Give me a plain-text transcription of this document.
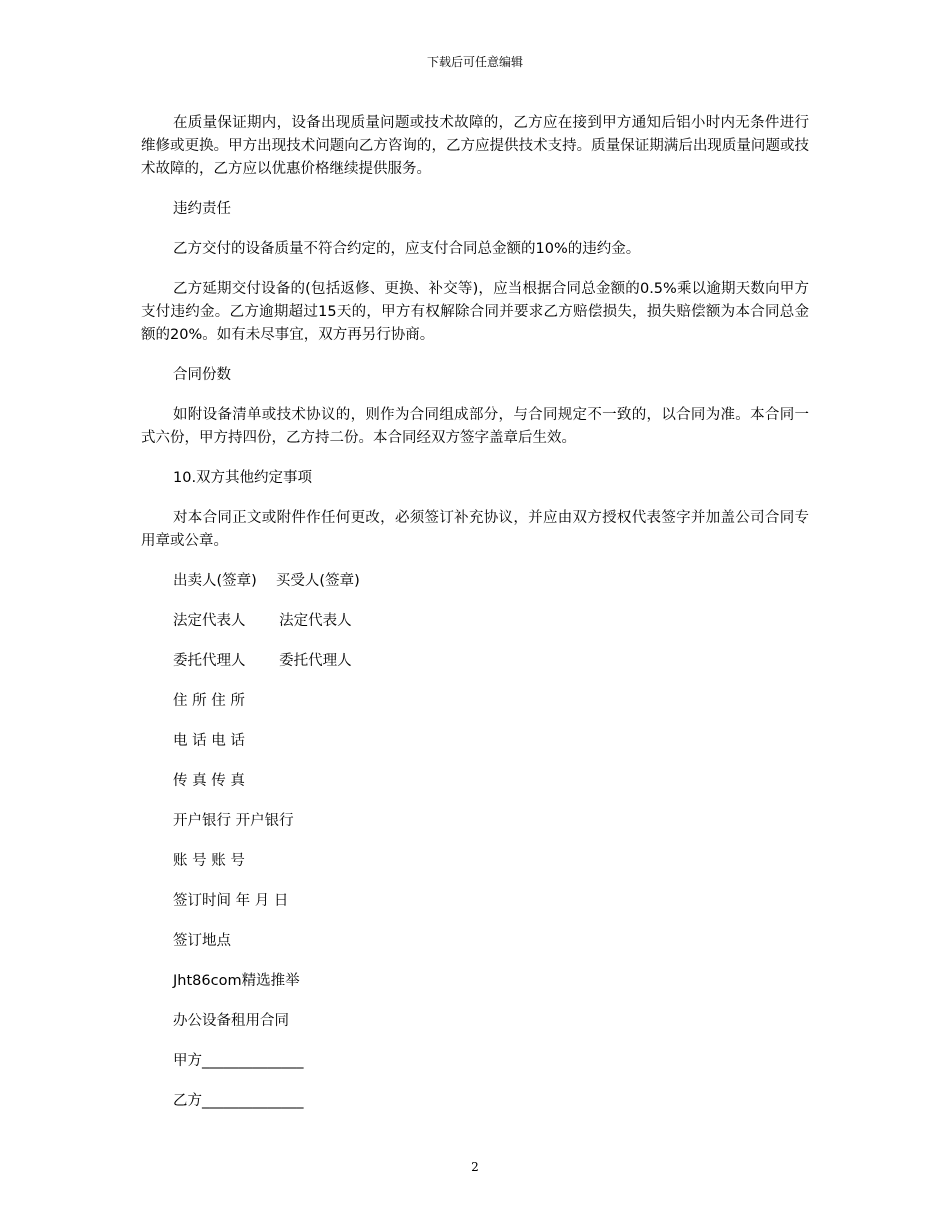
下载后可任意编辑

在质量保证期内，设备出现质量问题或技术故障的，乙方应在接到甲方通知后铝小时内无条件进行维修或更换。甲方出现技术问题向乙方咨询的，乙方应提供技术支持。质量保证期满后出现质量问题或技术故障的，乙方应以优惠价格继续提供服务。

违约责任

乙方交付的设备质量不符合约定的，应支付合同总金额的10%的违约金。

乙方延期交付设备的(包括返修、更换、补交等)，应当根据合同总金额的0.5%乘以逾期天数向甲方支付违约金。乙方逾期超过15天的，甲方有权解除合同并要求乙方赔偿损失，损失赔偿额为本合同总金额的20%。如有未尽事宜，双方再另行协商。

合同份数

如附设备清单或技术协议的，则作为合同组成部分，与合同规定不一致的，以合同为准。本合同一式六份，甲方持四份，乙方持二份。本合同经双方签字盖章后生效。

10.双方其他约定事项

对本合同正文或附件作任何更改，必须签订补充协议，并应由双方授权代表签字并加盖公司合同专用章或公章。

出卖人(签章)　 买受人(签章)
法定代表人　　 法定代表人
委托代理人　　 委托代理人
住 所 住 所
电 话 电 话
传 真 传 真
开户银行 开户银行
账 号 账 号
签订时间 年 月 日
签订地点
Jht86com精选推举
办公设备租用合同
甲方______________
乙方______________
2
